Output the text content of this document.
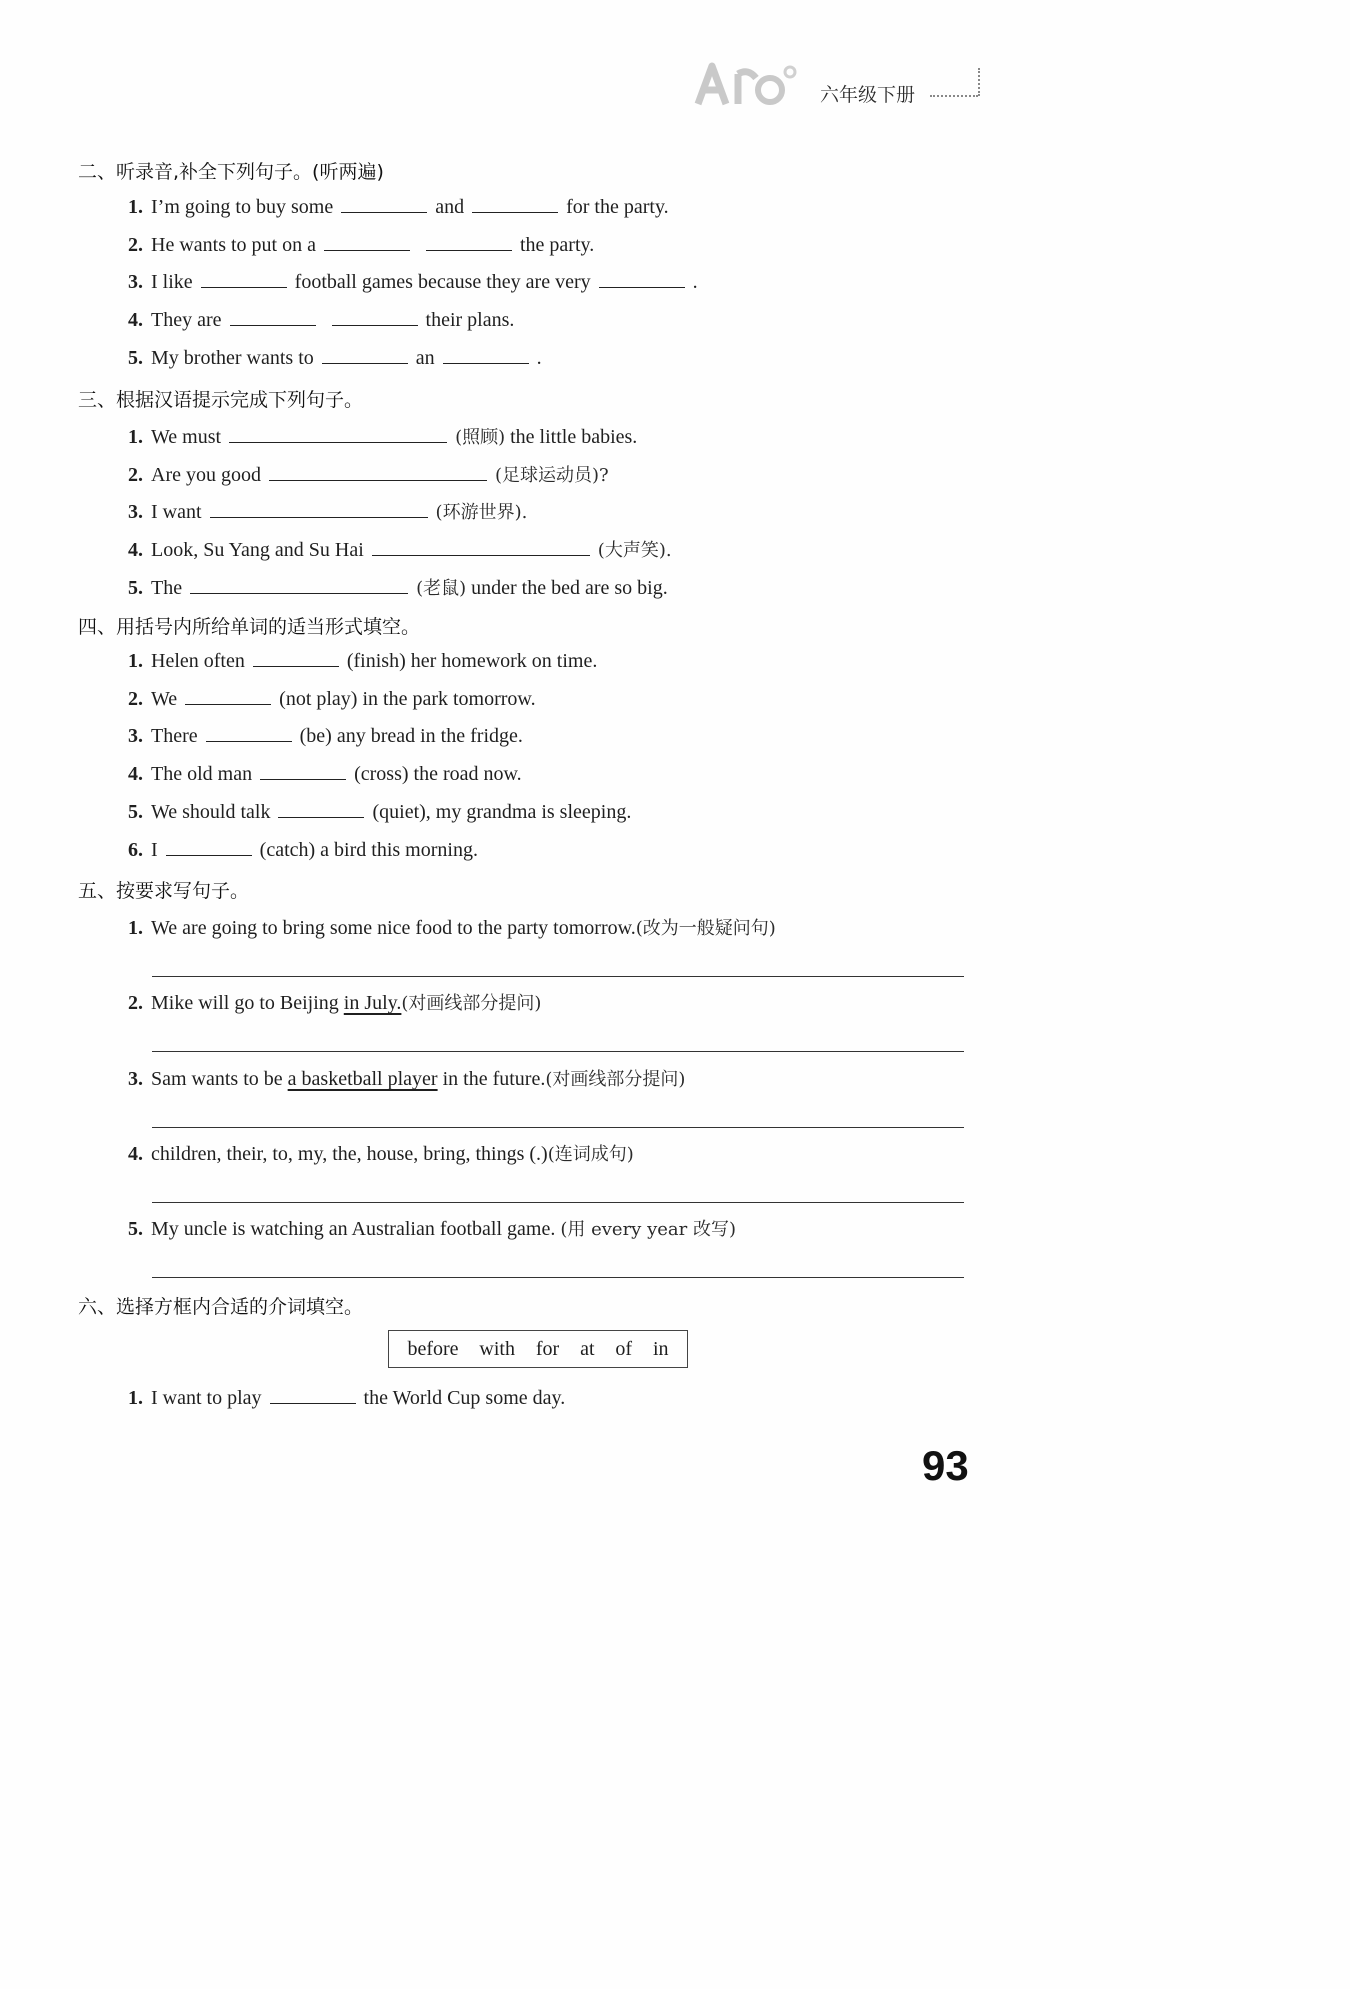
六年级下册
二、听录音,补全下列句子。(听两遍)
1. I’m going to buy some	and	for the party.
2. He wants to put on a	the party.
3. I like	football games because they are very	.
4. They are	their plans.
5. My brother wants to	an	.
三、根据汉语提示完成下列句子。
1. We must	(照顾) the little babies.
2. Are you good	(足球运动员)?
3. I want	(环游世界).
4. Look, Su Yang and Su Hai	(大声笑).
5. The	(老鼠) under the bed are so big.
四、用括号内所给单词的适当形式填空。
1. Helen often	(finish) her homework on time.
2. We	(not play) in the park tomorrow.
3. There	(be) any bread in the fridge.
4. The old man	(cross) the road now.
5. We should talk	(quiet), my grandma is sleeping.
6. I	(catch) a bird this morning.
五、按要求写句子。
1. We are going to bring some nice food to the party tomorrow.(改为一般疑问句)
2. Mike will go to Beijing in July.(对画线部分提问)
3. Sam wants to be a basketball player in the future.(对画线部分提问)
4. children, their, to, my, the, house, bring, things (.)(连词成句)
5. My uncle is watching an Australian football game. (用 every year 改写)
六、选择方框内合适的介词填空。
before with for at of in
1. I want to play	the World Cup some day.
93
